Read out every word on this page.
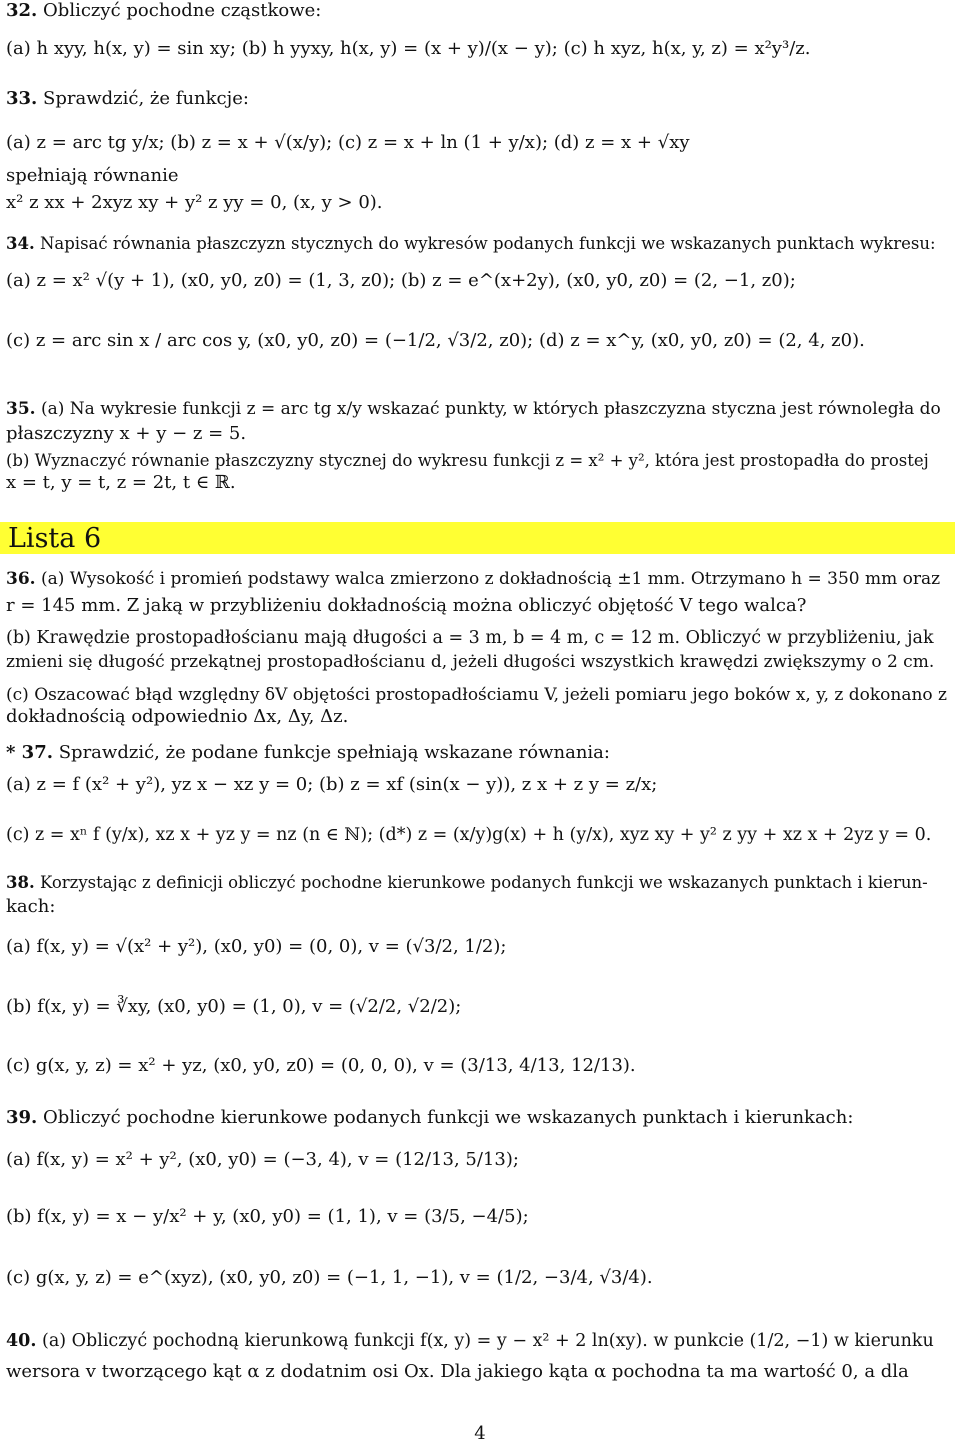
32. Obliczyć pochodne cząstkowe:
(a) h xyy, h(x, y) = sin xy; (b) h yyxy, h(x, y) = (x + y)/(x − y); (c) h xyz, h(x, y, z) = x²y³/z.
33. Sprawdzić, że funkcje:
(a) z = arc tg y/x; (b) z = x + √(x/y); (c) z = x + ln (1 + y/x); (d) z = x + √xy
spełniają równanie
x² z xx + 2xyz xy + y² z yy = 0, (x, y > 0).
34. Napisać równania płaszczyzn stycznych do wykresów podanych funkcji we wskazanych punktach wykresu:
(a) z = x² √(y + 1), (x0, y0, z0) = (1, 3, z0); (b) z = e^(x+2y), (x0, y0, z0) = (2, −1, z0);
(c) z = arc sin x / arc cos y, (x0, y0, z0) = (−1/2, √3/2, z0); (d) z = x^y, (x0, y0, z0) = (2, 4, z0).
35. (a) Na wykresie funkcji z = arc tg x/y wskazać punkty, w których płaszczyzna styczna jest równoległa do
płaszczyzny x + y − z = 5.
(b) Wyznaczyć równanie płaszczyzny stycznej do wykresu funkcji z = x² + y², która jest prostopadła do prostej
x = t, y = t, z = 2t, t ∈ ℝ.
36. (a) Wysokość i promień podstawy walca zmierzono z dokładnością ±1 mm. Otrzymano h = 350 mm oraz
r = 145 mm. Z jaką w przybliżeniu dokładnością można obliczyć objętość V tego walca?
(b) Krawędzie prostopadłościanu mają długości a = 3 m, b = 4 m, c = 12 m. Obliczyć w przybliżeniu, jak
zmieni się długość przekątnej prostopadłościanu d, jeżeli długości wszystkich krawędzi zwiększymy o 2 cm.
(c) Oszacować błąd względny δV objętości prostopadłościamu V, jeżeli pomiaru jego boków x, y, z dokonano z
dokładnością odpowiednio Δx, Δy, Δz.
* 37. Sprawdzić, że podane funkcje spełniają wskazane równania:
(a) z = f (x² + y²), yz x − xz y = 0; (b) z = xf (sin(x − y)), z x + z y = z/x;
(c) z = xⁿ f (y/x), xz x + yz y = nz (n ∈ ℕ); (d*) z = (x/y)g(x) + h (y/x), xyz xy + y² z yy + xz x + 2yz y = 0.
38. Korzystając z definicji obliczyć pochodne kierunkowe podanych funkcji we wskazanych punktach i kierun-
kach:
(a) f(x, y) = √(x² + y²), (x0, y0) = (0, 0), v = (√3/2, 1/2);
(b) f(x, y) = ∛xy, (x0, y0) = (1, 0), v = (√2/2, √2/2);
(c) g(x, y, z) = x² + yz, (x0, y0, z0) = (0, 0, 0), v = (3/13, 4/13, 12/13).
39. Obliczyć pochodne kierunkowe podanych funkcji we wskazanych punktach i kierunkach:
(a) f(x, y) = x² + y², (x0, y0) = (−3, 4), v = (12/13, 5/13);
(b) f(x, y) = x − y/x² + y, (x0, y0) = (1, 1), v = (3/5, −4/5);
(c) g(x, y, z) = e^(xyz), (x0, y0, z0) = (−1, 1, −1), v = (1/2, −3/4, √3/4).
40. (a) Obliczyć pochodną kierunkową funkcji f(x, y) = y − x² + 2 ln(xy). w punkcie (1/2, −1) w kierunku
wersora v tworzącego kąt α z dodatnim osi Ox. Dla jakiego kąta α pochodna ta ma wartość 0, a dla
Lista 6
4
